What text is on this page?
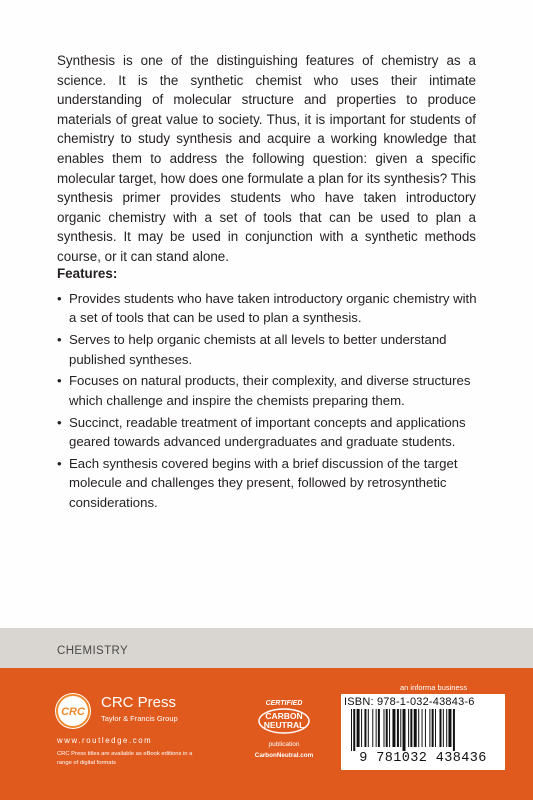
Synthesis is one of the distinguishing features of chemistry as a science. It is the synthetic chemist who uses their intimate understanding of molecular structure and properties to produce materials of great value to society. Thus, it is important for students of chemistry to study synthesis and acquire a working knowledge that enables them to address the following question: given a specific molecular target, how does one formulate a plan for its synthesis? This synthesis primer provides students who have taken introductory organic chemistry with a set of tools that can be used to plan a synthesis. It may be used in conjunction with a synthetic methods course, or it can stand alone.

Features:

• Provides students who have taken introductory organic chemistry with a set of tools that can be used to plan a synthesis.
• Serves to help organic chemists at all levels to better understand published syntheses.
• Focuses on natural products, their complexity, and diverse structures which challenge and inspire the chemists preparing them.
• Succinct, readable treatment of important concepts and applications geared towards advanced undergraduates and graduate students.
• Each synthesis covered begins with a brief discussion of the target molecule and challenges they present, followed by retrosynthetic considerations.
CHEMISTRY
CRC
CRC Press
Taylor & Francis Group
www.routledge.com
CRC Press titles are available as eBook editions in a range of digital formats
CERTIFIED
CARBON
NEUTRAL
publication
CarbonNeutral.com
an informa business
ISBN: 978-1-032-43843-6
9 781032 438436
